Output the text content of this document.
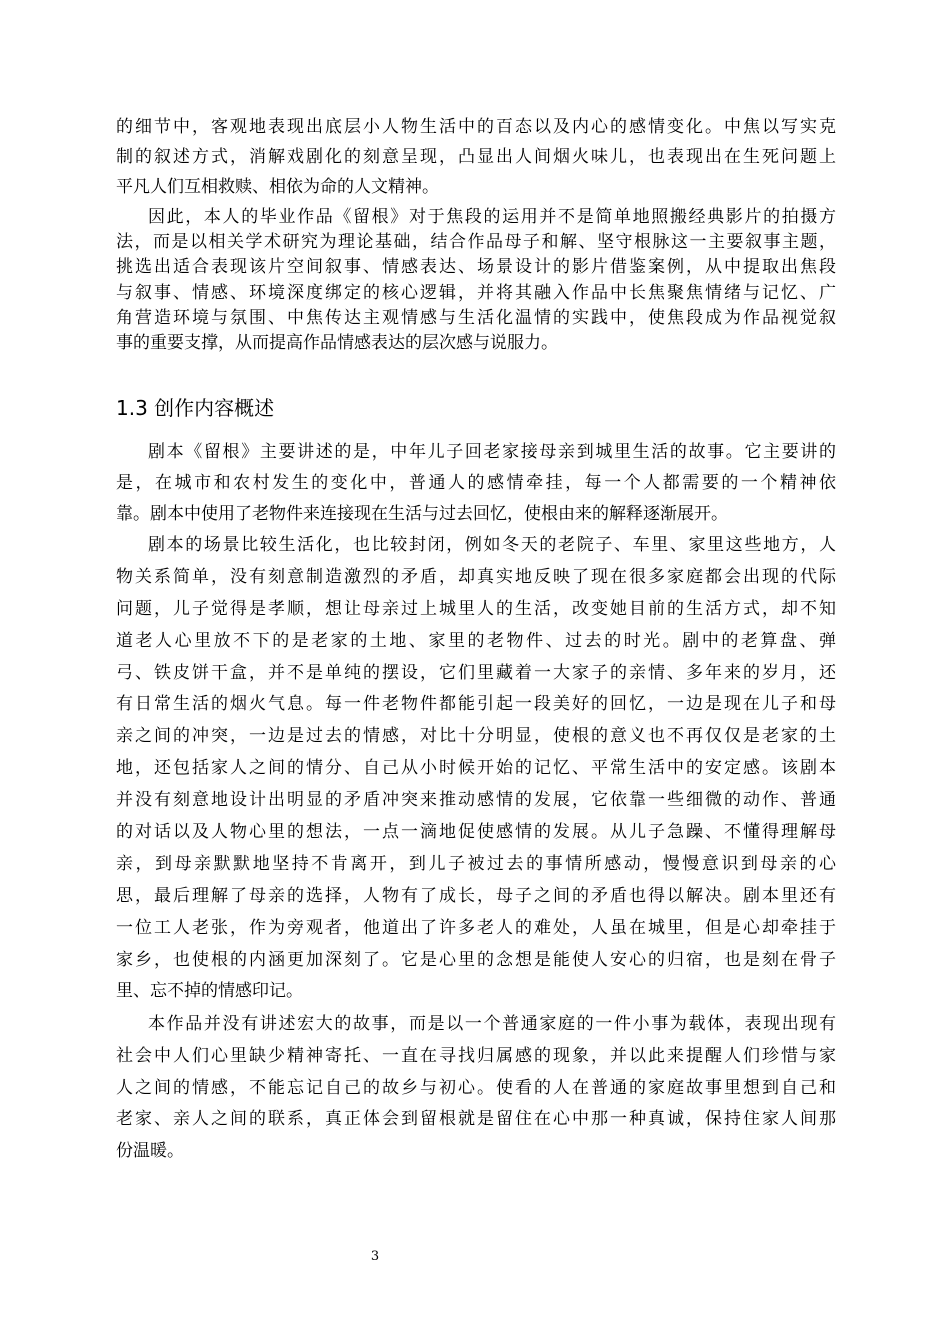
的细节中，客观地表现出底层小人物生活中的百态以及内心的感情变化。中焦以写实克
制的叙述方式，消解戏剧化的刻意呈现，凸显出人间烟火味儿，也表现出在生死问题上
平凡人们互相救赎、相依为命的人文精神。
因此，本人的毕业作品《留根》对于焦段的运用并不是简单地照搬经典影片的拍摄方
法，而是以相关学术研究为理论基础，结合作品母子和解、坚守根脉这一主要叙事主题，
挑选出适合表现该片空间叙事、情感表达、场景设计的影片借鉴案例，从中提取出焦段
与叙事、情感、环境深度绑定的核心逻辑，并将其融入作品中长焦聚焦情绪与记忆、广
角营造环境与氛围、中焦传达主观情感与生活化温情的实践中，使焦段成为作品视觉叙
事的重要支撑，从而提高作品情感表达的层次感与说服力。
1.3 创作内容概述
剧本《留根》主要讲述的是，中年儿子回老家接母亲到城里生活的故事。它主要讲的
是，在城市和农村发生的变化中，普通人的感情牵挂，每一个人都需要的一个精神依
靠。剧本中使用了老物件来连接现在生活与过去回忆，使根由来的解释逐渐展开。
剧本的场景比较生活化，也比较封闭，例如冬天的老院子、车里、家里这些地方，人
物关系简单，没有刻意制造激烈的矛盾，却真实地反映了现在很多家庭都会出现的代际
问题，儿子觉得是孝顺，想让母亲过上城里人的生活，改变她目前的生活方式，却不知
道老人心里放不下的是老家的土地、家里的老物件、过去的时光。剧中的老算盘、弹
弓、铁皮饼干盒，并不是单纯的摆设，它们里藏着一大家子的亲情、多年来的岁月，还
有日常生活的烟火气息。每一件老物件都能引起一段美好的回忆，一边是现在儿子和母
亲之间的冲突，一边是过去的情感，对比十分明显，使根的意义也不再仅仅是老家的土
地，还包括家人之间的情分、自己从小时候开始的记忆、平常生活中的安定感。该剧本
并没有刻意地设计出明显的矛盾冲突来推动感情的发展，它依靠一些细微的动作、普通
的对话以及人物心里的想法，一点一滴地促使感情的发展。从儿子急躁、不懂得理解母
亲，到母亲默默地坚持不肯离开，到儿子被过去的事情所感动，慢慢意识到母亲的心
思，最后理解了母亲的选择，人物有了成长，母子之间的矛盾也得以解决。剧本里还有
一位工人老张，作为旁观者，他道出了许多老人的难处，人虽在城里，但是心却牵挂于
家乡，也使根的内涵更加深刻了。它是心里的念想是能使人安心的归宿，也是刻在骨子
里、忘不掉的情感印记。
本作品并没有讲述宏大的故事，而是以一个普通家庭的一件小事为载体，表现出现有
社会中人们心里缺少精神寄托、一直在寻找归属感的现象，并以此来提醒人们珍惜与家
人之间的情感，不能忘记自己的故乡与初心。使看的人在普通的家庭故事里想到自己和
老家、亲人之间的联系，真正体会到留根就是留住在心中那一种真诚，保持住家人间那
份温暖。
3
